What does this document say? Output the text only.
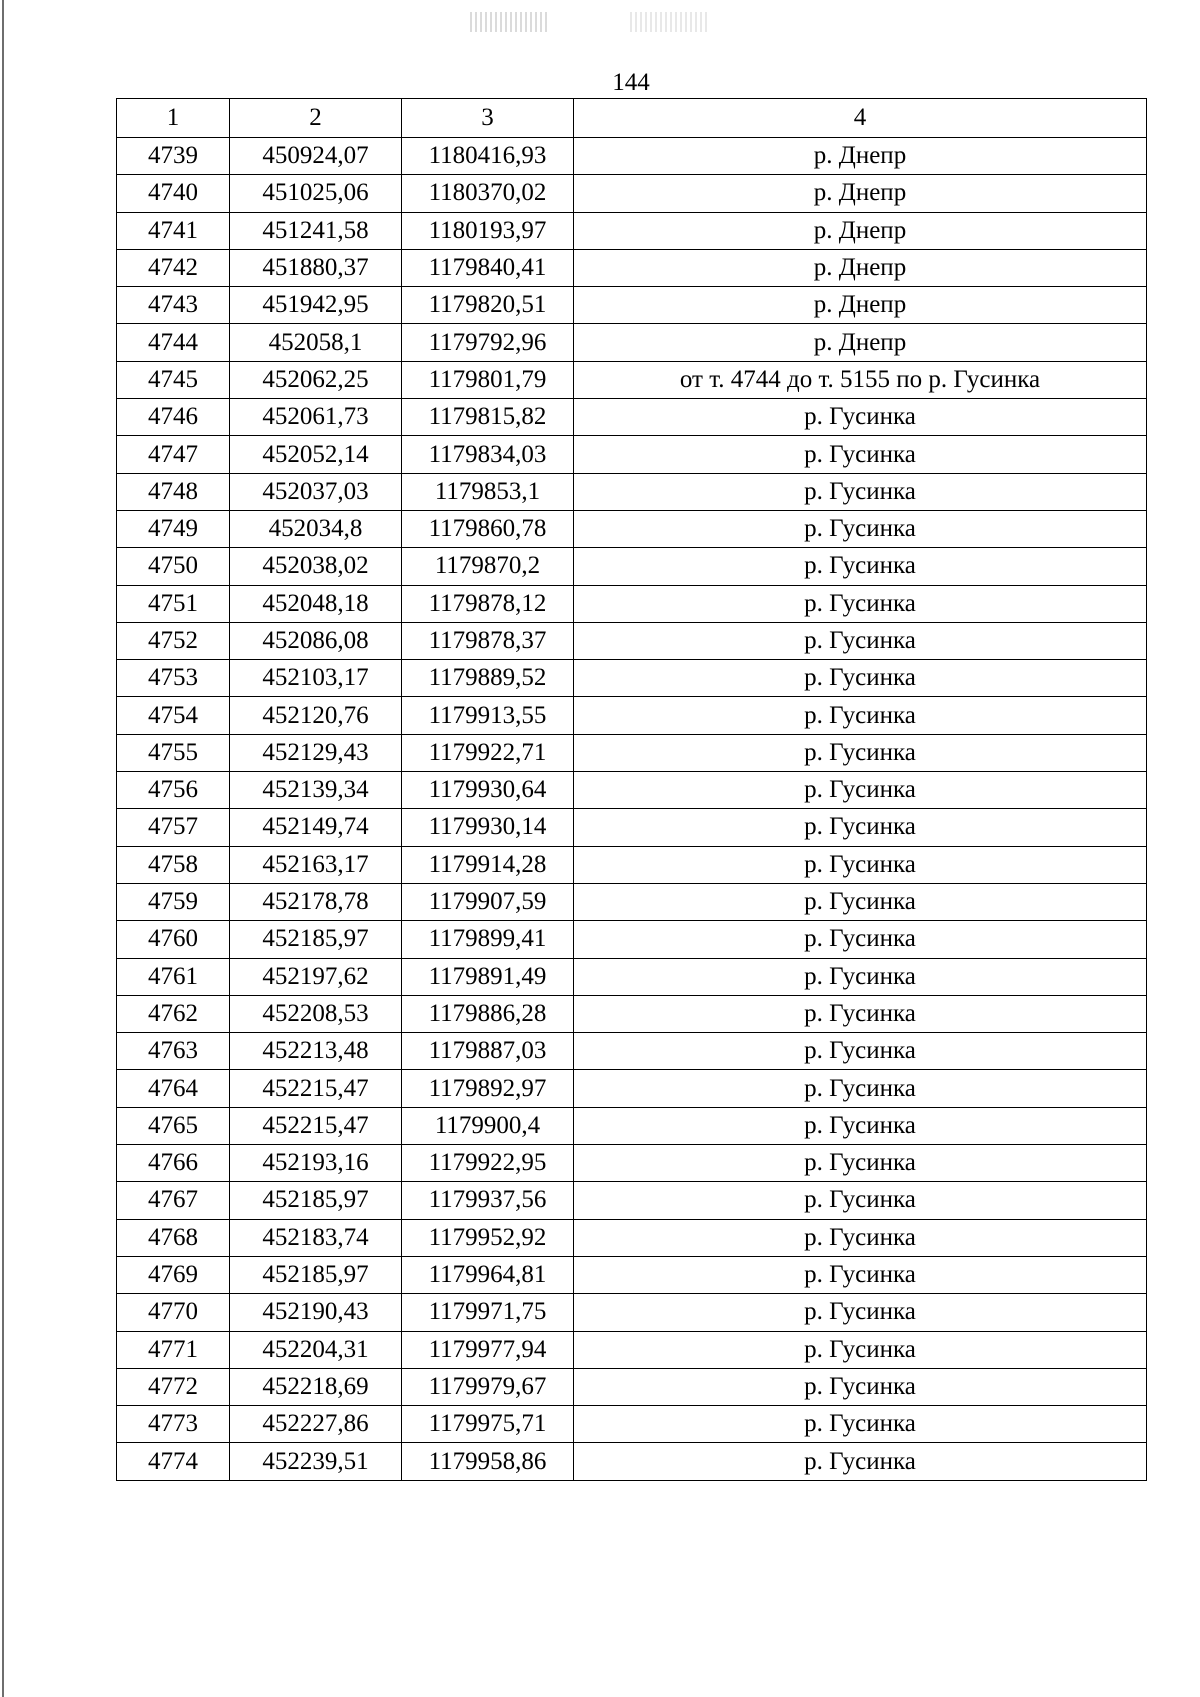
144
1	2	3	4
4739	450924,07	1180416,93	р. Днепр
4740	451025,06	1180370,02	р. Днепр
4741	451241,58	1180193,97	р. Днепр
4742	451880,37	1179840,41	р. Днепр
4743	451942,95	1179820,51	р. Днепр
4744	452058,1	1179792,96	р. Днепр
4745	452062,25	1179801,79	от т. 4744 до т. 5155 по р. Гусинка
4746	452061,73	1179815,82	р. Гусинка
4747	452052,14	1179834,03	р. Гусинка
4748	452037,03	1179853,1	р. Гусинка
4749	452034,8	1179860,78	р. Гусинка
4750	452038,02	1179870,2	р. Гусинка
4751	452048,18	1179878,12	р. Гусинка
4752	452086,08	1179878,37	р. Гусинка
4753	452103,17	1179889,52	р. Гусинка
4754	452120,76	1179913,55	р. Гусинка
4755	452129,43	1179922,71	р. Гусинка
4756	452139,34	1179930,64	р. Гусинка
4757	452149,74	1179930,14	р. Гусинка
4758	452163,17	1179914,28	р. Гусинка
4759	452178,78	1179907,59	р. Гусинка
4760	452185,97	1179899,41	р. Гусинка
4761	452197,62	1179891,49	р. Гусинка
4762	452208,53	1179886,28	р. Гусинка
4763	452213,48	1179887,03	р. Гусинка
4764	452215,47	1179892,97	р. Гусинка
4765	452215,47	1179900,4	р. Гусинка
4766	452193,16	1179922,95	р. Гусинка
4767	452185,97	1179937,56	р. Гусинка
4768	452183,74	1179952,92	р. Гусинка
4769	452185,97	1179964,81	р. Гусинка
4770	452190,43	1179971,75	р. Гусинка
4771	452204,31	1179977,94	р. Гусинка
4772	452218,69	1179979,67	р. Гусинка
4773	452227,86	1179975,71	р. Гусинка
4774	452239,51	1179958,86	р. Гусинка
